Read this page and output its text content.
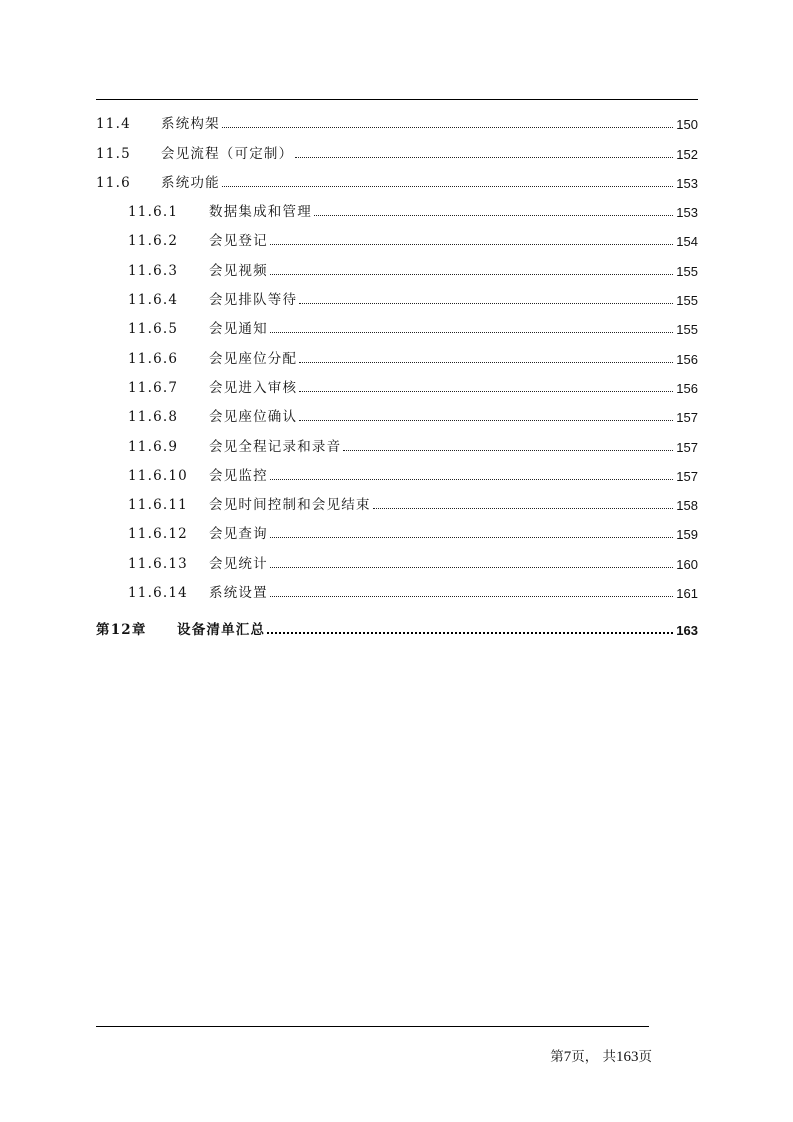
11.4	系统构架	150
11.5	会见流程（可定制）	152
11.6	系统功能	153
11.6.1	数据集成和管理	153
11.6.2	会见登记	154
11.6.3	会见视频	155
11.6.4	会见排队等待	155
11.6.5	会见通知	155
11.6.6	会见座位分配	156
11.6.7	会见进入审核	156
11.6.8	会见座位确认	157
11.6.9	会见全程记录和录音	157
11.6.10	会见监控	157
11.6.11	会见时间控制和会见结束	158
11.6.12	会见查询	159
11.6.13	会见统计	160
11.6.14	系统设置	161
第12章	设备清单汇总	163
第7页， 共163页
